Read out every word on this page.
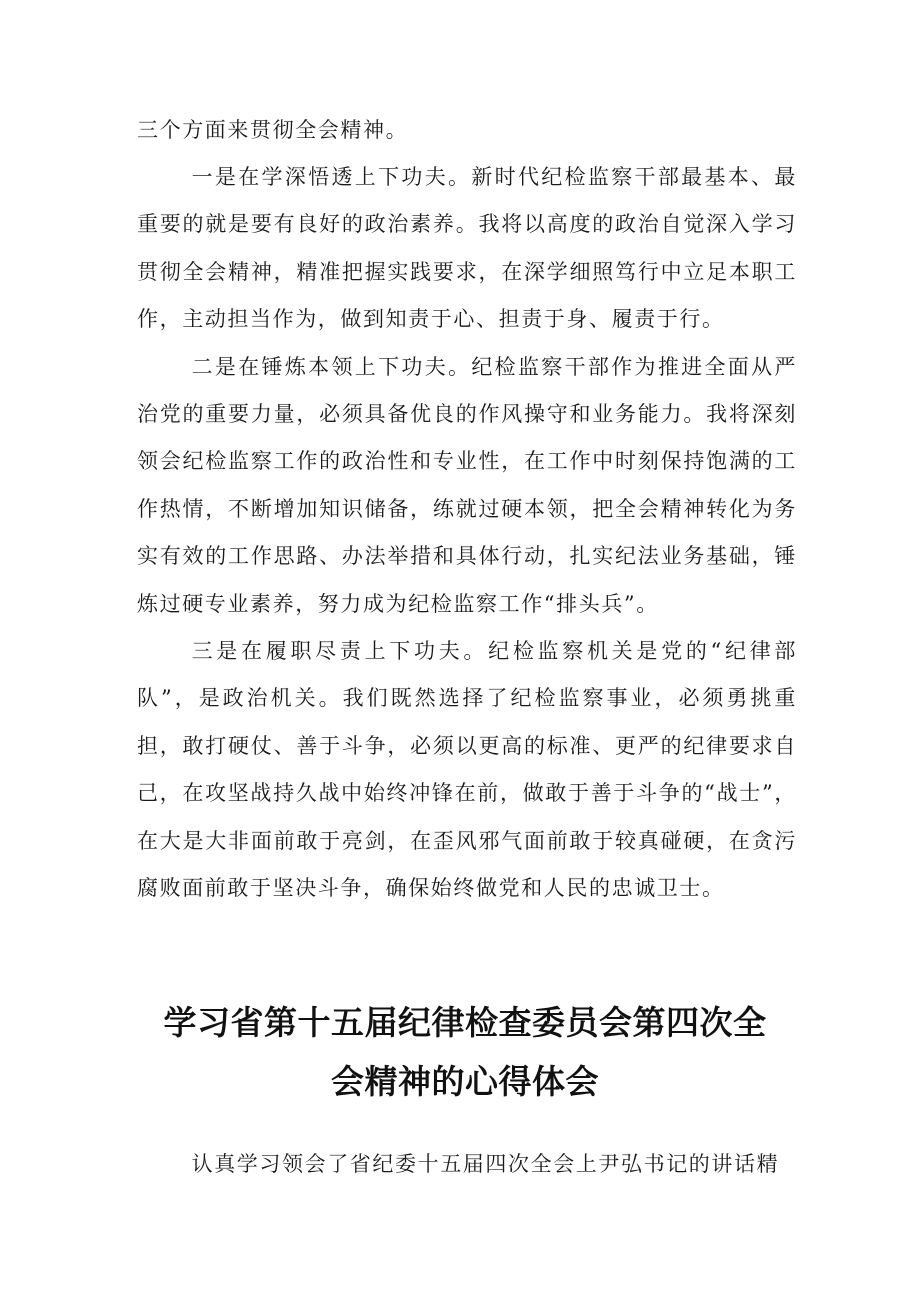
三个方面来贯彻全会精神。

一是在学深悟透上下功夫。新时代纪检监察干部最基本、最重要的就是要有良好的政治素养。我将以高度的政治自觉深入学习贯彻全会精神，精准把握实践要求，在深学细照笃行中立足本职工作，主动担当作为，做到知责于心、担责于身、履责于行。

二是在锤炼本领上下功夫。纪检监察干部作为推进全面从严治党的重要力量，必须具备优良的作风操守和业务能力。我将深刻领会纪检监察工作的政治性和专业性，在工作中时刻保持饱满的工作热情，不断增加知识储备，练就过硬本领，把全会精神转化为务实有效的工作思路、办法举措和具体行动，扎实纪法业务基础，锤炼过硬专业素养，努力成为纪检监察工作“排头兵”。

三是在履职尽责上下功夫。纪检监察机关是党的“纪律部队”，是政治机关。我们既然选择了纪检监察事业，必须勇挑重担，敢打硬仗、善于斗争，必须以更高的标准、更严的纪律要求自己，在攻坚战持久战中始终冲锋在前，做敢于善于斗争的“战士”，在大是大非面前敢于亮剑，在歪风邪气面前敢于较真碰硬，在贪污腐败面前敢于坚决斗争，确保始终做党和人民的忠诚卫士。

学习省第十五届纪律检查委员会第四次全
会精神的心得体会

认真学习领会了省纪委十五届四次全会上尹弘书记的讲话精
